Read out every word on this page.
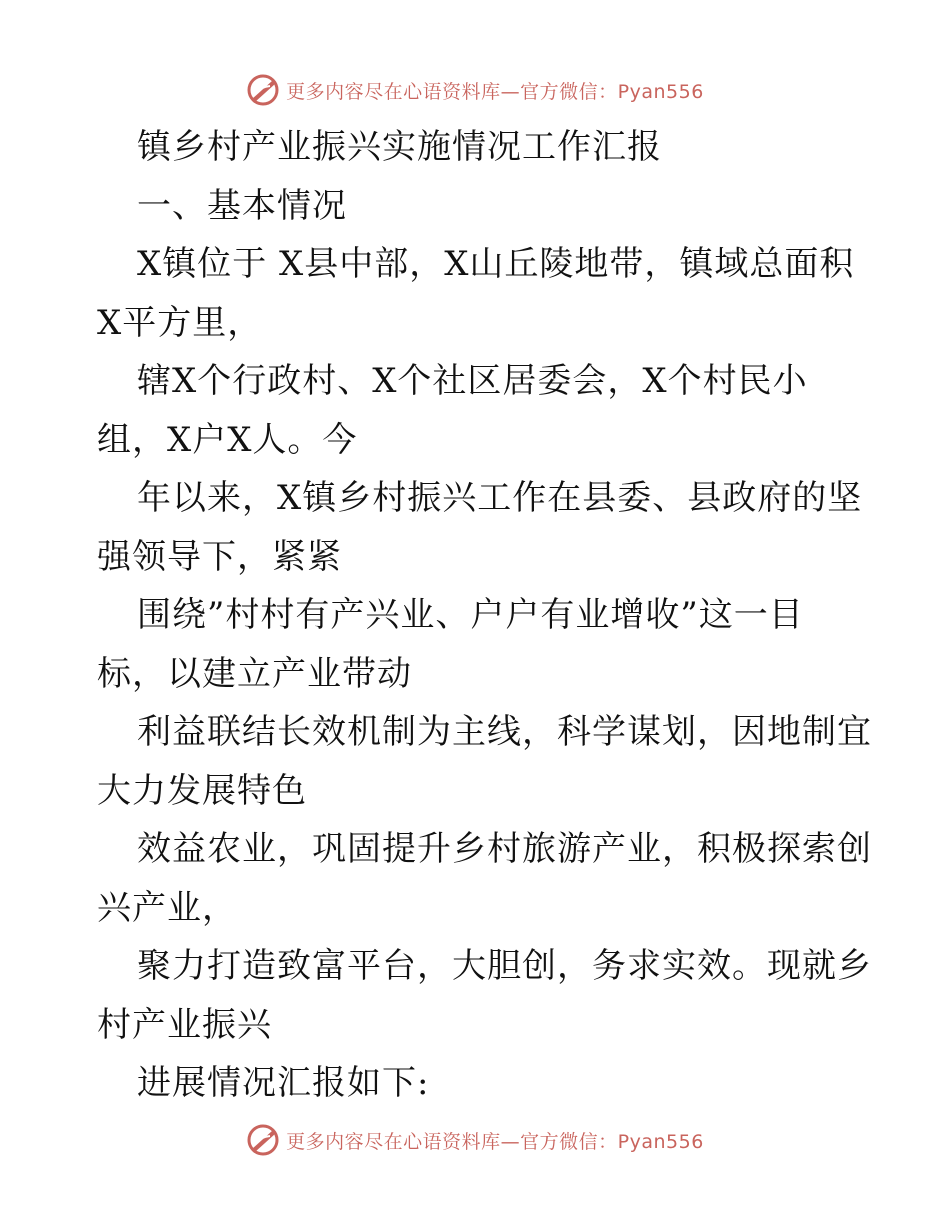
更多内容尽在心语资料库—官方微信：Pyan556
镇乡村产业振兴实施情况工作汇报
一、基本情况
X镇位于 X县中部，X山丘陵地带，镇域总面积
X平方里，
辖X个行政村、X个社区居委会，X个村民小
组，X户X人。今
年以来，X镇乡村振兴工作在县委、县政府的坚
强领导下，紧紧
围绕”村村有产兴业、户户有业增收”这一目
标，以建立产业带动
利益联结长效机制为主线，科学谋划，因地制宜
大力发展特色
效益农业，巩固提升乡村旅游产业，积极探索创
兴产业，
聚力打造致富平台，大胆创，务求实效。现就乡
村产业振兴
进展情况汇报如下:
更多内容尽在心语资料库—官方微信：Pyan556
